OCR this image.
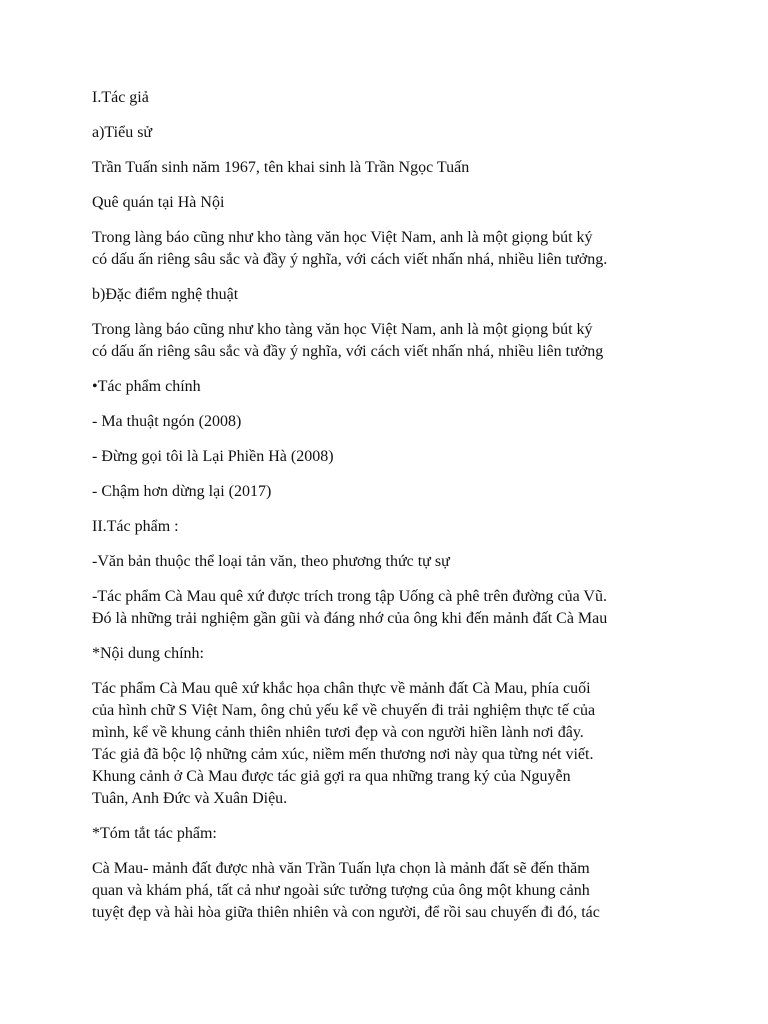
I.Tác giả

a)Tiểu sử

Trần Tuấn sinh năm 1967, tên khai sinh là Trần Ngọc Tuấn

Quê quán tại Hà Nội

Trong làng báo cũng như kho tàng văn học Việt Nam, anh là một giọng bút ký
có dấu ấn riêng sâu sắc và đầy ý nghĩa, với cách viết nhấn nhá, nhiều liên tưởng.

b)Đặc điểm nghệ thuật

Trong làng báo cũng như kho tàng văn học Việt Nam, anh là một giọng bút ký
có dấu ấn riêng sâu sắc và đầy ý nghĩa, với cách viết nhấn nhá, nhiều liên tưởng

•Tác phẩm chính

- Ma thuật ngón (2008)

- Đừng gọi tôi là Lại Phiền Hà (2008)

- Chậm hơn dừng lại (2017)

II.Tác phẩm :

-Văn bản thuộc thể loại tản văn, theo phương thức tự sự

-Tác phẩm Cà Mau quê xứ được trích trong tập Uống cà phê trên đường của Vũ.
Đó là những trải nghiệm gần gũi và đáng nhớ của ông khi đến mảnh đất Cà Mau

*Nội dung chính:

Tác phẩm Cà Mau quê xứ khắc họa chân thực về mảnh đất Cà Mau, phía cuối
của hình chữ S Việt Nam, ông chủ yếu kể về chuyến đi trải nghiệm thực tế của
mình, kể về khung cảnh thiên nhiên tươi đẹp và con người hiền lành nơi đây.
Tác giả đã bộc lộ những cảm xúc, niềm mến thương nơi này qua từng nét viết.
Khung cảnh ở Cà Mau được tác giả gợi ra qua những trang ký của Nguyễn
Tuân, Anh Đức và Xuân Diệu.

*Tóm tắt tác phẩm:

Cà Mau- mảnh đất được nhà văn Trần Tuấn lựa chọn là mảnh đất sẽ đến thăm
quan và khám phá, tất cả như ngoài sức tưởng tượng của ông một khung cảnh
tuyệt đẹp và hài hòa giữa thiên nhiên và con người, để rồi sau chuyến đi đó, tác
